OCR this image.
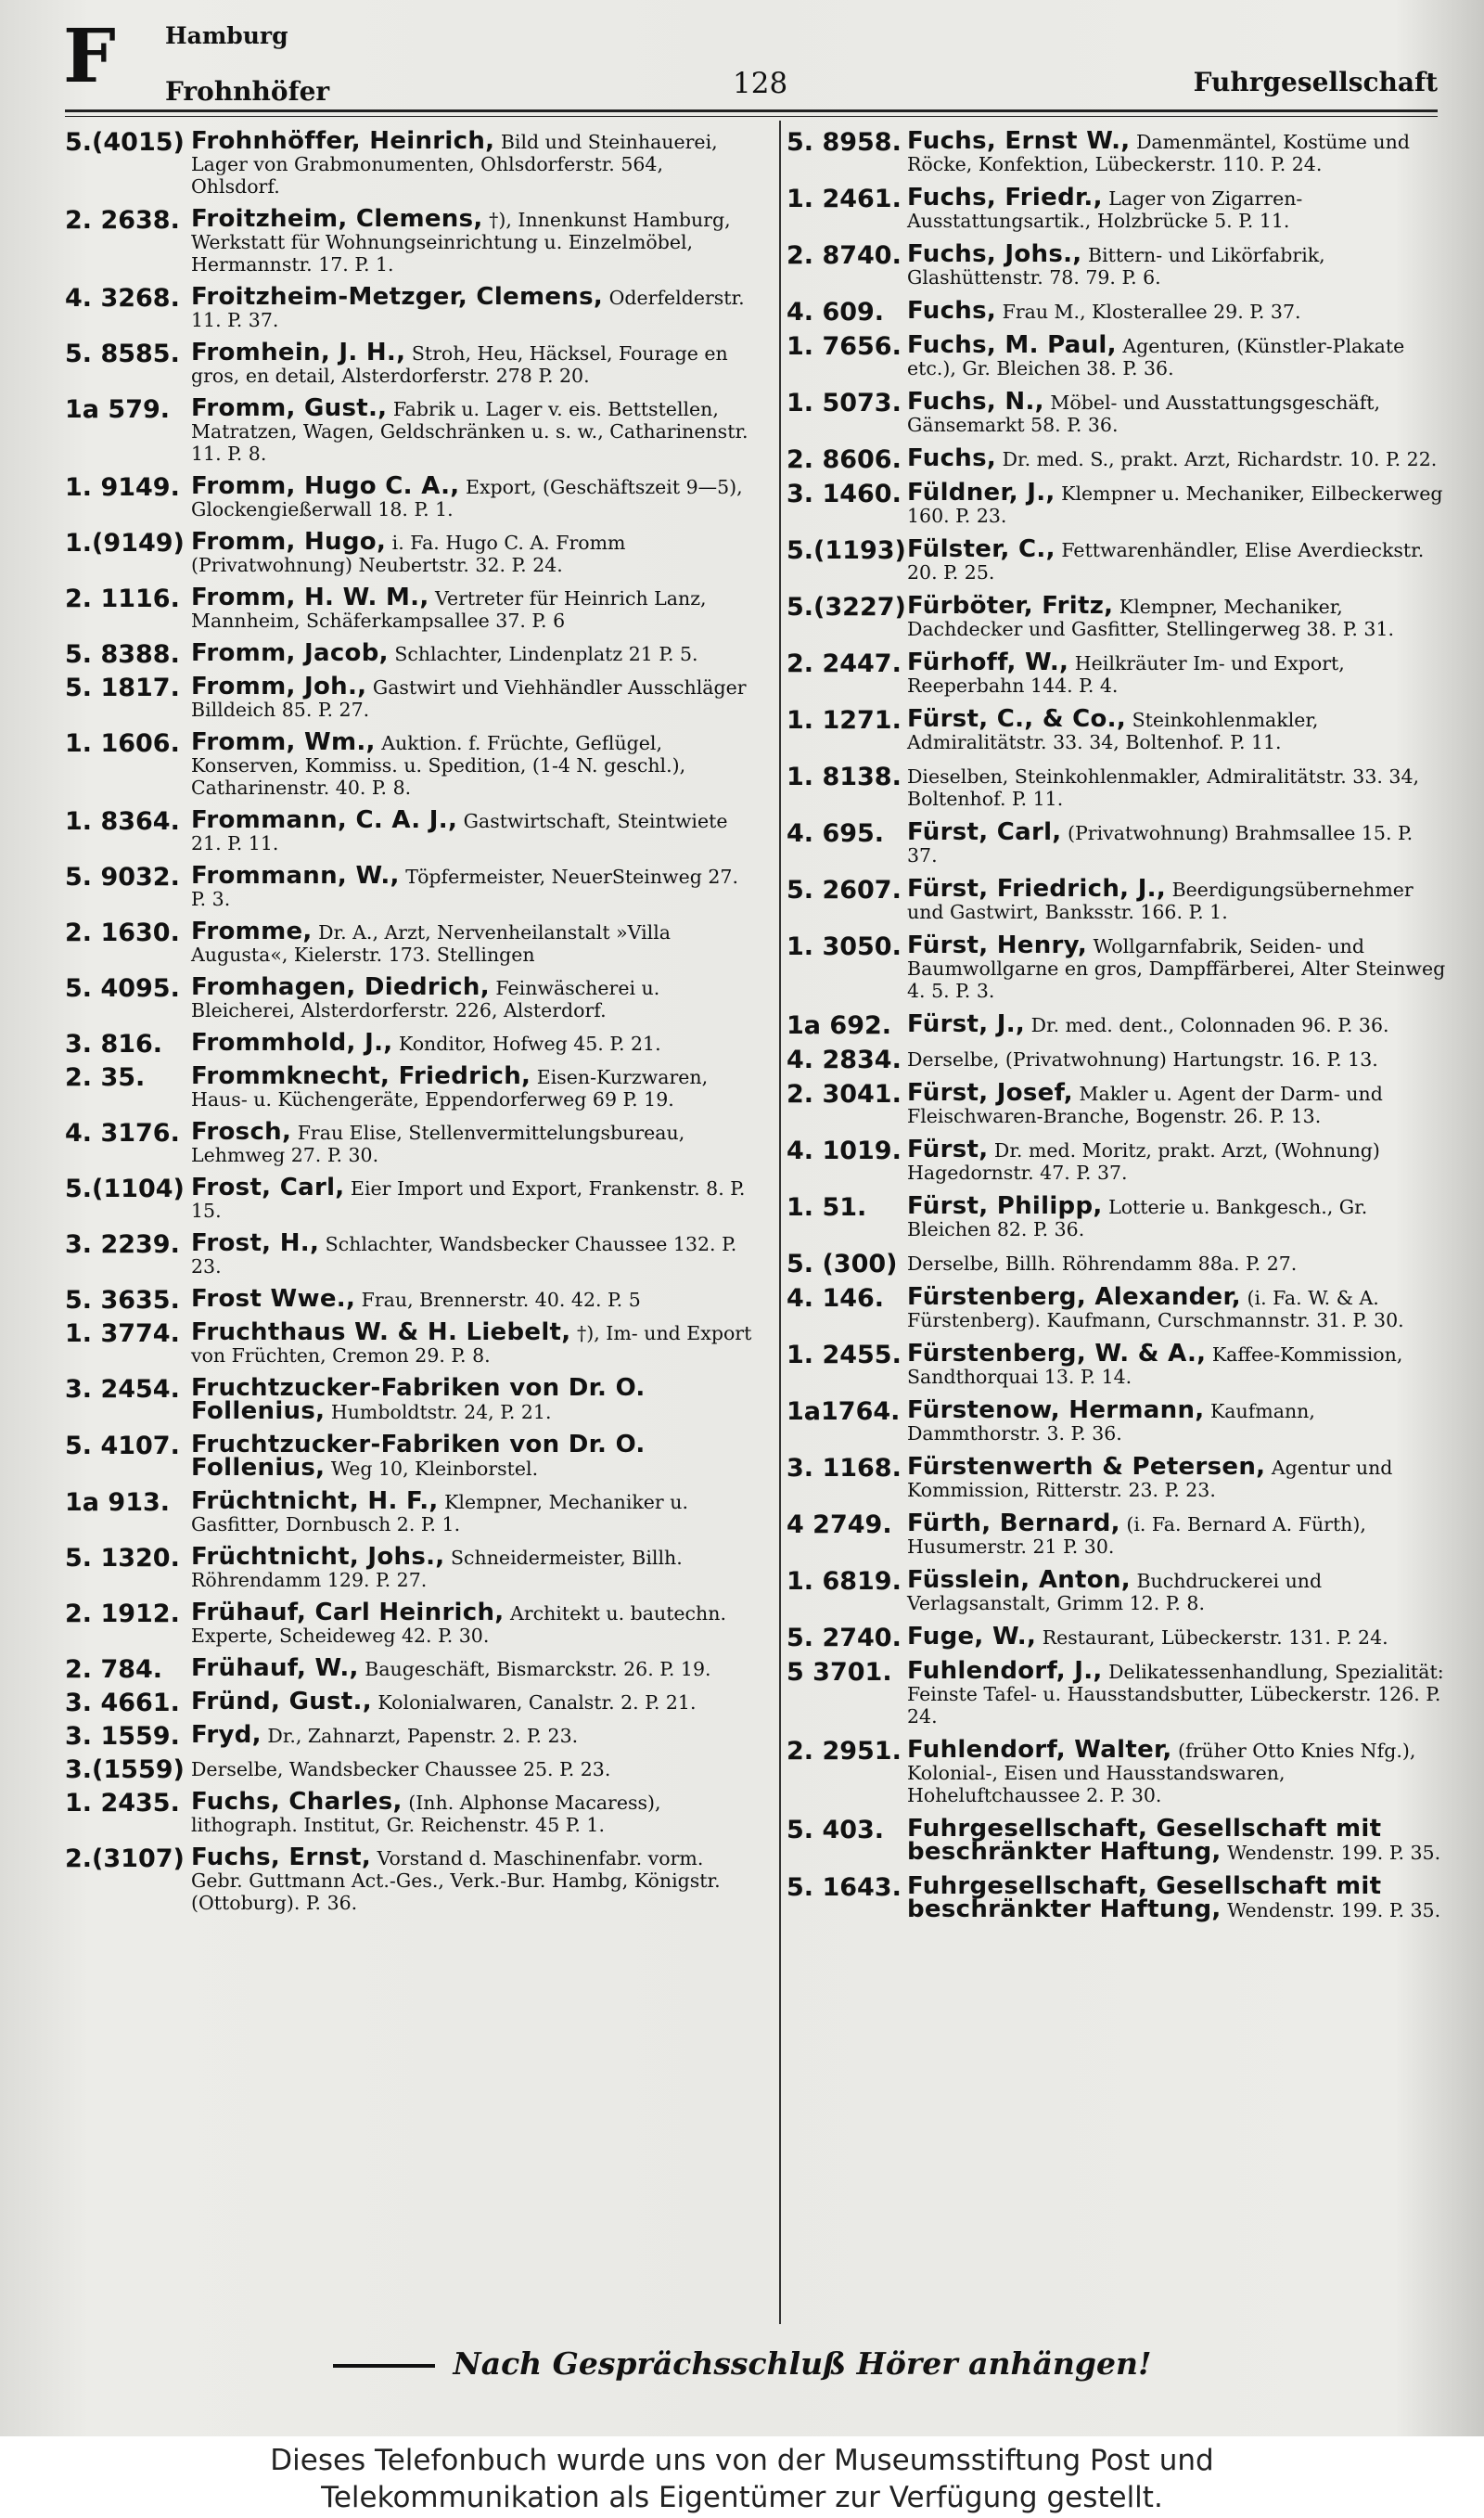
F Hamburg
Frohnhöfer	128	Fuhrgesellschaft
5.(4015) Frohnhöffer, Heinrich, Bild und Steinhauerei, Lager von Grabmonumenten, Ohlsdorferstr. 564, Ohlsdorf.
2. 2638. Froitzheim, Clemens, †), Innenkunst Hamburg, Werkstatt für Wohnungseinrichtung u. Einzelmöbel, Hermannstr. 17. P. 1.
4. 3268. Froitzheim-Metzger, Clemens, Oderfelderstr. 11. P. 37.
5. 8585. Fromhein, J. H., Stroh, Heu, Häcksel, Fourage en gros, en detail, Alsterdorferstr. 278 P. 20.
1a 579. Fromm, Gust., Fabrik u. Lager v. eis. Bettstellen, Matratzen, Wagen, Geldschränken u. s. w., Catharinenstr. 11. P. 8.
1. 9149. Fromm, Hugo C. A., Export, (Geschäftszeit 9—5), Glockengießerwall 18. P. 1.
1.(9149) Fromm, Hugo, i. Fa. Hugo C. A. Fromm (Privatwohnung) Neubertstr. 32. P. 24.
2. 1116. Fromm, H. W. M., Vertreter für Heinrich Lanz, Mannheim, Schäferkampsallee 37. P. 6
5. 8388. Fromm, Jacob, Schlachter, Lindenplatz 21 P. 5.
5. 1817. Fromm, Joh., Gastwirt und Viehhändler Ausschläger Billdeich 85. P. 27.
1. 1606. Fromm, Wm., Auktion. f. Früchte, Geflügel, Konserven, Kommiss. u. Spedition, (1-4 N. geschl.), Catharinenstr. 40. P. 8.
1. 8364. Frommann, C. A. J., Gastwirtschaft, Steintwiete 21. P. 11.
5. 9032. Frommann, W., Töpfermeister, NeuerSteinweg 27. P. 3.
2. 1630. Fromme, Dr. A., Arzt, Nervenheilanstalt »Villa Augusta«, Kielerstr. 173. Stellingen
5. 4095. Fromhagen, Diedrich, Feinwäscherei u. Bleicherei, Alsterdorferstr. 226, Alsterdorf.
3. 816.	Frommhold, J., Konditor, Hofweg 45. P. 21.
2. 35.	Frommknecht, Friedrich, Eisen-Kurzwaren, Haus- u. Küchengeräte, Eppendorferweg 69 P. 19.
4. 3176. Frosch, Frau Elise, Stellenvermittelungsbureau, Lehmweg 27. P. 30.
5.(1104) Frost, Carl, Eier Import und Export, Frankenstr. 8. P. 15.
3. 2239. Frost, H., Schlachter, Wandsbecker Chaussee 132. P. 23.
5. 3635. Frost Wwe., Frau, Brennerstr. 40. 42. P. 5
1. 3774. Fruchthaus W. & H. Liebelt, †), Im- und Export von Früchten, Cremon 29. P. 8.
3. 2454. Fruchtzucker-Fabriken von Dr. O. Follenius, Humboldtstr. 24, P. 21.
5. 4107. Fruchtzucker-Fabriken von Dr. O. Follenius, Weg 10, Kleinborstel.
1a 913. Früchtnicht, H. F., Klempner, Mechaniker u. Gasfitter, Dornbusch 2. P. 1.
5. 1320. Früchtnicht, Johs., Schneidermeister, Billh. Röhrendamm 129. P. 27.
2. 1912. Frühauf, Carl Heinrich, Architekt u. bautechn. Experte, Scheideweg 42. P. 30.
2. 784.	Frühauf, W., Baugeschäft, Bismarckstr. 26. P. 19.
3. 4661. Fründ, Gust., Kolonialwaren, Canalstr. 2. P. 21.
3. 1559. Fryd, Dr., Zahnarzt, Papenstr. 2. P. 23.
3.(1559) Derselbe, Wandsbecker Chaussee 25. P. 23.
1. 2435. Fuchs, Charles, (Inh. Alphonse Macaress), lithograph. Institut, Gr. Reichenstr. 45 P. 1.
2.(3107) Fuchs, Ernst, Vorstand d. Maschinenfabr. vorm. Gebr. Guttmann Act.-Ges., Verk.-Bur. Hambg, Königstr. (Ottoburg). P. 36.
5. 8958. Fuchs, Ernst W., Damenmäntel, Kostüme und Röcke, Konfektion, Lübeckerstr. 110. P. 24.
1. 2461. Fuchs, Friedr., Lager von Zigarren-Ausstattungsartik., Holzbrücke 5. P. 11.
2. 8740. Fuchs, Johs., Bittern- und Likörfabrik, Glashüttenstr. 78. 79. P. 6.
4. 609. Fuchs, Frau M., Klosterallee 29. P. 37.
1. 7656. Fuchs, M. Paul, Agenturen, (Künstler-Plakate etc.), Gr. Bleichen 38. P. 36.
1. 5073. Fuchs, N., Möbel- und Ausstattungsgeschäft, Gänsemarkt 58. P. 36.
2. 8606. Fuchs, Dr. med. S., prakt. Arzt, Richardstr. 10. P. 22.
3. 1460. Füldner, J., Klempner u. Mechaniker, Eilbeckerweg 160. P. 23.
5.(1193) Fülster, C., Fettwarenhändler, Elise Averdieckstr. 20. P. 25.
5.(3227) Fürböter, Fritz, Klempner, Mechaniker, Dachdecker und Gasfitter, Stellingerweg 38. P. 31.
2. 2447. Fürhoff, W., Heilkräuter Im- und Export, Reeperbahn 144. P. 4.
1. 1271. Fürst, C., & Co., Steinkohlenmakler, Admiralitätstr. 33. 34, Boltenhof. P. 11.
1. 8138. Dieselben, Steinkohlenmakler, Admiralitätstr. 33. 34, Boltenhof. P. 11.
4. 695. Fürst, Carl, (Privatwohnung) Brahmsallee 15. P. 37.
5. 2607. Fürst, Friedrich, J., Beerdigungsübernehmer und Gastwirt, Banksstr. 166. P. 1.
1. 3050. Fürst, Henry, Wollgarnfabrik, Seiden- und Baumwollgarne en gros, Dampffärberei, Alter Steinweg 4. 5. P. 3.
1a 692. Fürst, J., Dr. med. dent., Colonnaden 96. P. 36.
4. 2834. Derselbe, (Privatwohnung) Hartungstr. 16. P. 13.
2. 3041. Fürst, Josef, Makler u. Agent der Darm- und Fleischwaren-Branche, Bogenstr. 26. P. 13.
4. 1019. Fürst, Dr. med. Moritz, prakt. Arzt, (Wohnung) Hagedornstr. 47. P. 37.
1. 51.	Fürst, Philipp, Lotterie u. Bankgesch., Gr. Bleichen 82. P. 36.
5. (300) Derselbe, Billh. Röhrendamm 88a. P. 27.
4. 146. Fürstenberg, Alexander, (i. Fa. W. & A. Fürstenberg). Kaufmann, Curschmannstr. 31. P. 30.
1. 2455. Fürstenberg, W. & A., Kaffee-Kommission, Sandthorquai 13. P. 14.
1a1764. Fürstenow, Hermann, Kaufmann, Dammthorstr. 3. P. 36.
3. 1168. Fürstenwerth & Petersen, Agentur und Kommission, Ritterstr. 23. P. 23.
4 2749. Fürth, Bernard, (i. Fa. Bernard A. Fürth), Husumerstr. 21 P. 30.
1. 6819. Füsslein, Anton, Buchdruckerei und Verlagsanstalt, Grimm 12. P. 8.
5. 2740. Fuge, W., Restaurant, Lübeckerstr. 131. P. 24.
5 3701. Fuhlendorf, J., Delikatessenhandlung, Spezialität: Feinste Tafel- u. Hausstandsbutter, Lübeckerstr. 126. P. 24.
2. 2951. Fuhlendorf, Walter, (früher Otto Knies Nfg.), Kolonial-, Eisen und Hausstandswaren, Hoheluftchaussee 2. P. 30.
5. 403. Fuhrgesellschaft, Gesellschaft mit beschränkter Haftung, Wendenstr. 199. P. 35.
5. 1643. Fuhrgesellschaft, Gesellschaft mit beschränkter Haftung, Wendenstr. 199. P. 35.
Nach Gesprächsschluß Hörer anhängen!
Dieses Telefonbuch wurde uns von der Museumsstiftung Post und
Telekommunikation als Eigentümer zur Verfügung gestellt.
